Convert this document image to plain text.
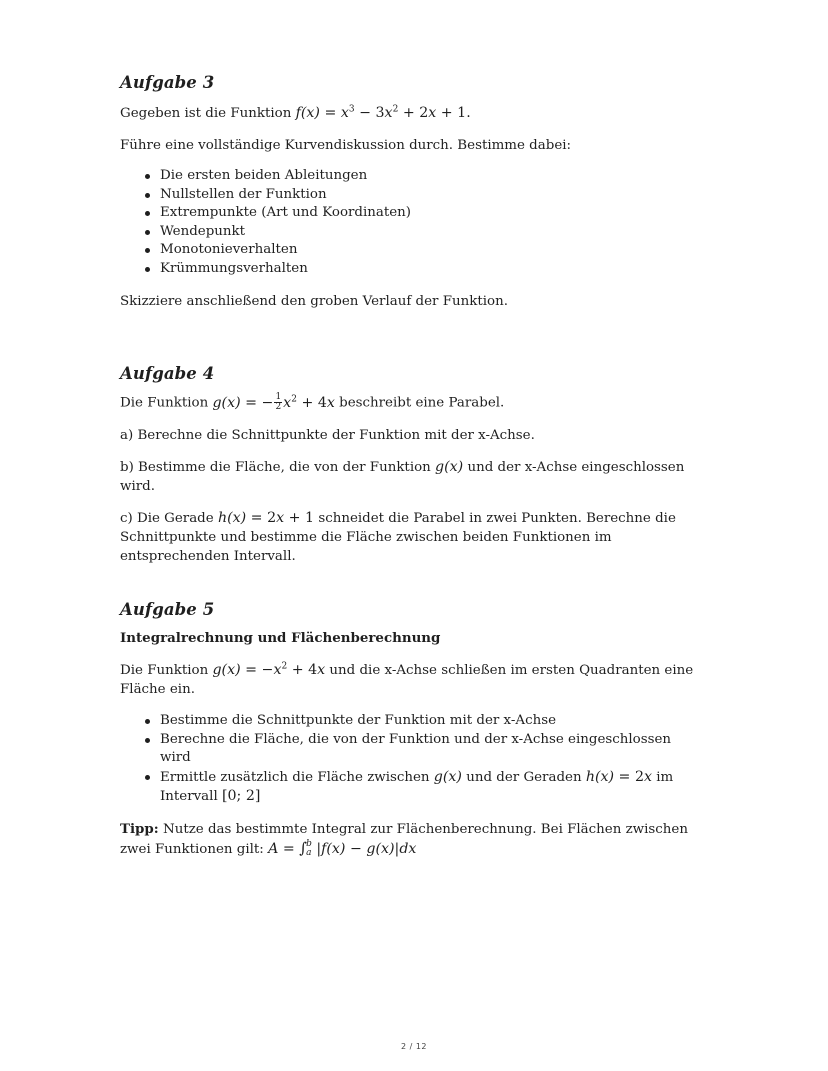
Aufgabe 3

Gegeben ist die Funktion $f(x) = x^3 - 3x^2 + 2x + 1$.

Führe eine vollständige Kurvendiskussion durch. Bestimme dabei:

Die ersten beiden Ableitungen
Nullstellen der Funktion
Extrempunkte (Art und Koordinaten)
Wendepunkt
Monotonieverhalten
Krümmungsverhalten

Skizziere anschließend den groben Verlauf der Funktion.

Aufgabe 4

Die Funktion g(x) = − $\frac{1}{2} x^2 + 4x$ beschreibt eine Parabel.

a) Berechne die Schnittpunkte der Funktion mit der x-Achse.

b) Bestimme die Fläche, die von der Funktion g(x) und der x-Achse eingeschlossen wird.

c) Die Gerade h(x) = 2x + 1 schneidet die Parabel in zwei Punkten. Berechne die Schnittpunkte und bestimme die Fläche zwischen beiden Funktionen im entsprechenden Intervall.

Aufgabe 5

Integralrechnung und Flächenberechnung

Die Funktion $g(x) = -x^2 + 4x$ und die x-Achse schließen im ersten Quadranten eine Fläche ein.

Bestimme die Schnittpunkte der Funktion mit der x-Achse
Berechne die Fläche, die von der Funktion und der x-Achse eingeschlossen wird
Ermittle zusätzlich die Fläche zwischen g(x) und der Geraden h(x) = 2x im Intervall [0; 2]

Tipp: Nutze das bestimmte Integral zur Flächenberechnung. Bei Flächen zwischen zwei Funktionen gilt: A = ∫ b
a |f(x) − g(x)|dx

2 / 12
